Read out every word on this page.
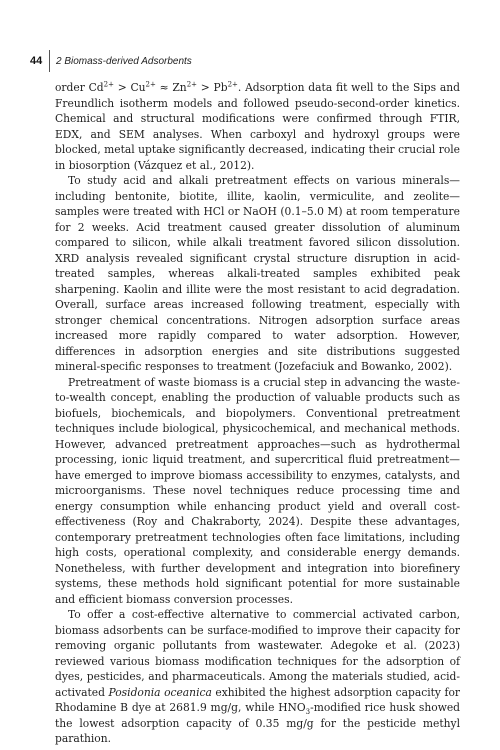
44	2 Biomass-derived Adsorbents

order $Cd^{2+} > Cu^{2+} \approx Zn^{2+} > Pb^{2+}$. Adsorption data fit well to the Sips and Freundlich isotherm models and followed pseudo-second-order kinetics. Chemical and structural modifications were confirmed through FTIR, EDX, and SEM analyses. When carboxyl and hydroxyl groups were blocked, metal uptake significantly decreased, indicating their crucial role in biosorption (Vázquez et al., 2012).

To study acid and alkali pretreatment effects on various minerals—including bentonite, biotite, illite, kaolin, vermiculite, and zeolite—samples were treated with HCl or NaOH (0.1–5.0 M) at room temperature for 2 weeks. Acid treatment caused greater dissolution of aluminum compared to silicon, while alkali treatment favored silicon dissolution. XRD analysis revealed significant crystal structure disruption in acid-treated samples, whereas alkali-treated samples exhibited peak sharpening. Kaolin and illite were the most resistant to acid degradation. Overall, surface areas increased following treatment, especially with stronger chemical concentrations. Nitrogen adsorption surface areas increased more rapidly compared to water adsorption. However, differences in adsorption energies and site distributions suggested mineral-specific responses to treatment (Jozefaciuk and Bowanko, 2002).

Pretreatment of waste biomass is a crucial step in advancing the waste-to-wealth concept, enabling the production of valuable products such as biofuels, biochemicals, and biopolymers. Conventional pretreatment techniques include biological, physicochemical, and mechanical methods. However, advanced pretreatment approaches—such as hydrothermal processing, ionic liquid treatment, and supercritical fluid pretreatment—have emerged to improve biomass accessibility to enzymes, catalysts, and microorganisms. These novel techniques reduce processing time and energy consumption while enhancing product yield and overall cost-effectiveness (Roy and Chakraborty, 2024). Despite these advantages, contemporary pretreatment technologies often face limitations, including high costs, operational complexity, and considerable energy demands. Nonetheless, with further development and integration into biorefinery systems, these methods hold significant potential for more sustainable and efficient biomass conversion processes.

To offer a cost-effective alternative to commercial activated carbon, biomass adsorbents can be surface-modified to improve their capacity for removing organic pollutants from wastewater. Adegoke et al. (2023) reviewed various biomass modification techniques for the adsorption of dyes, pesticides, and pharmaceuticals. Among the materials studied, acid-activated Posidonia oceanica exhibited the highest adsorption capacity for Rhodamine B dye at 2681.9 mg/g, while $HNO_3$-modified rice husk showed the lowest adsorption capacity of 0.35 mg/g for the pesticide methyl parathion.
